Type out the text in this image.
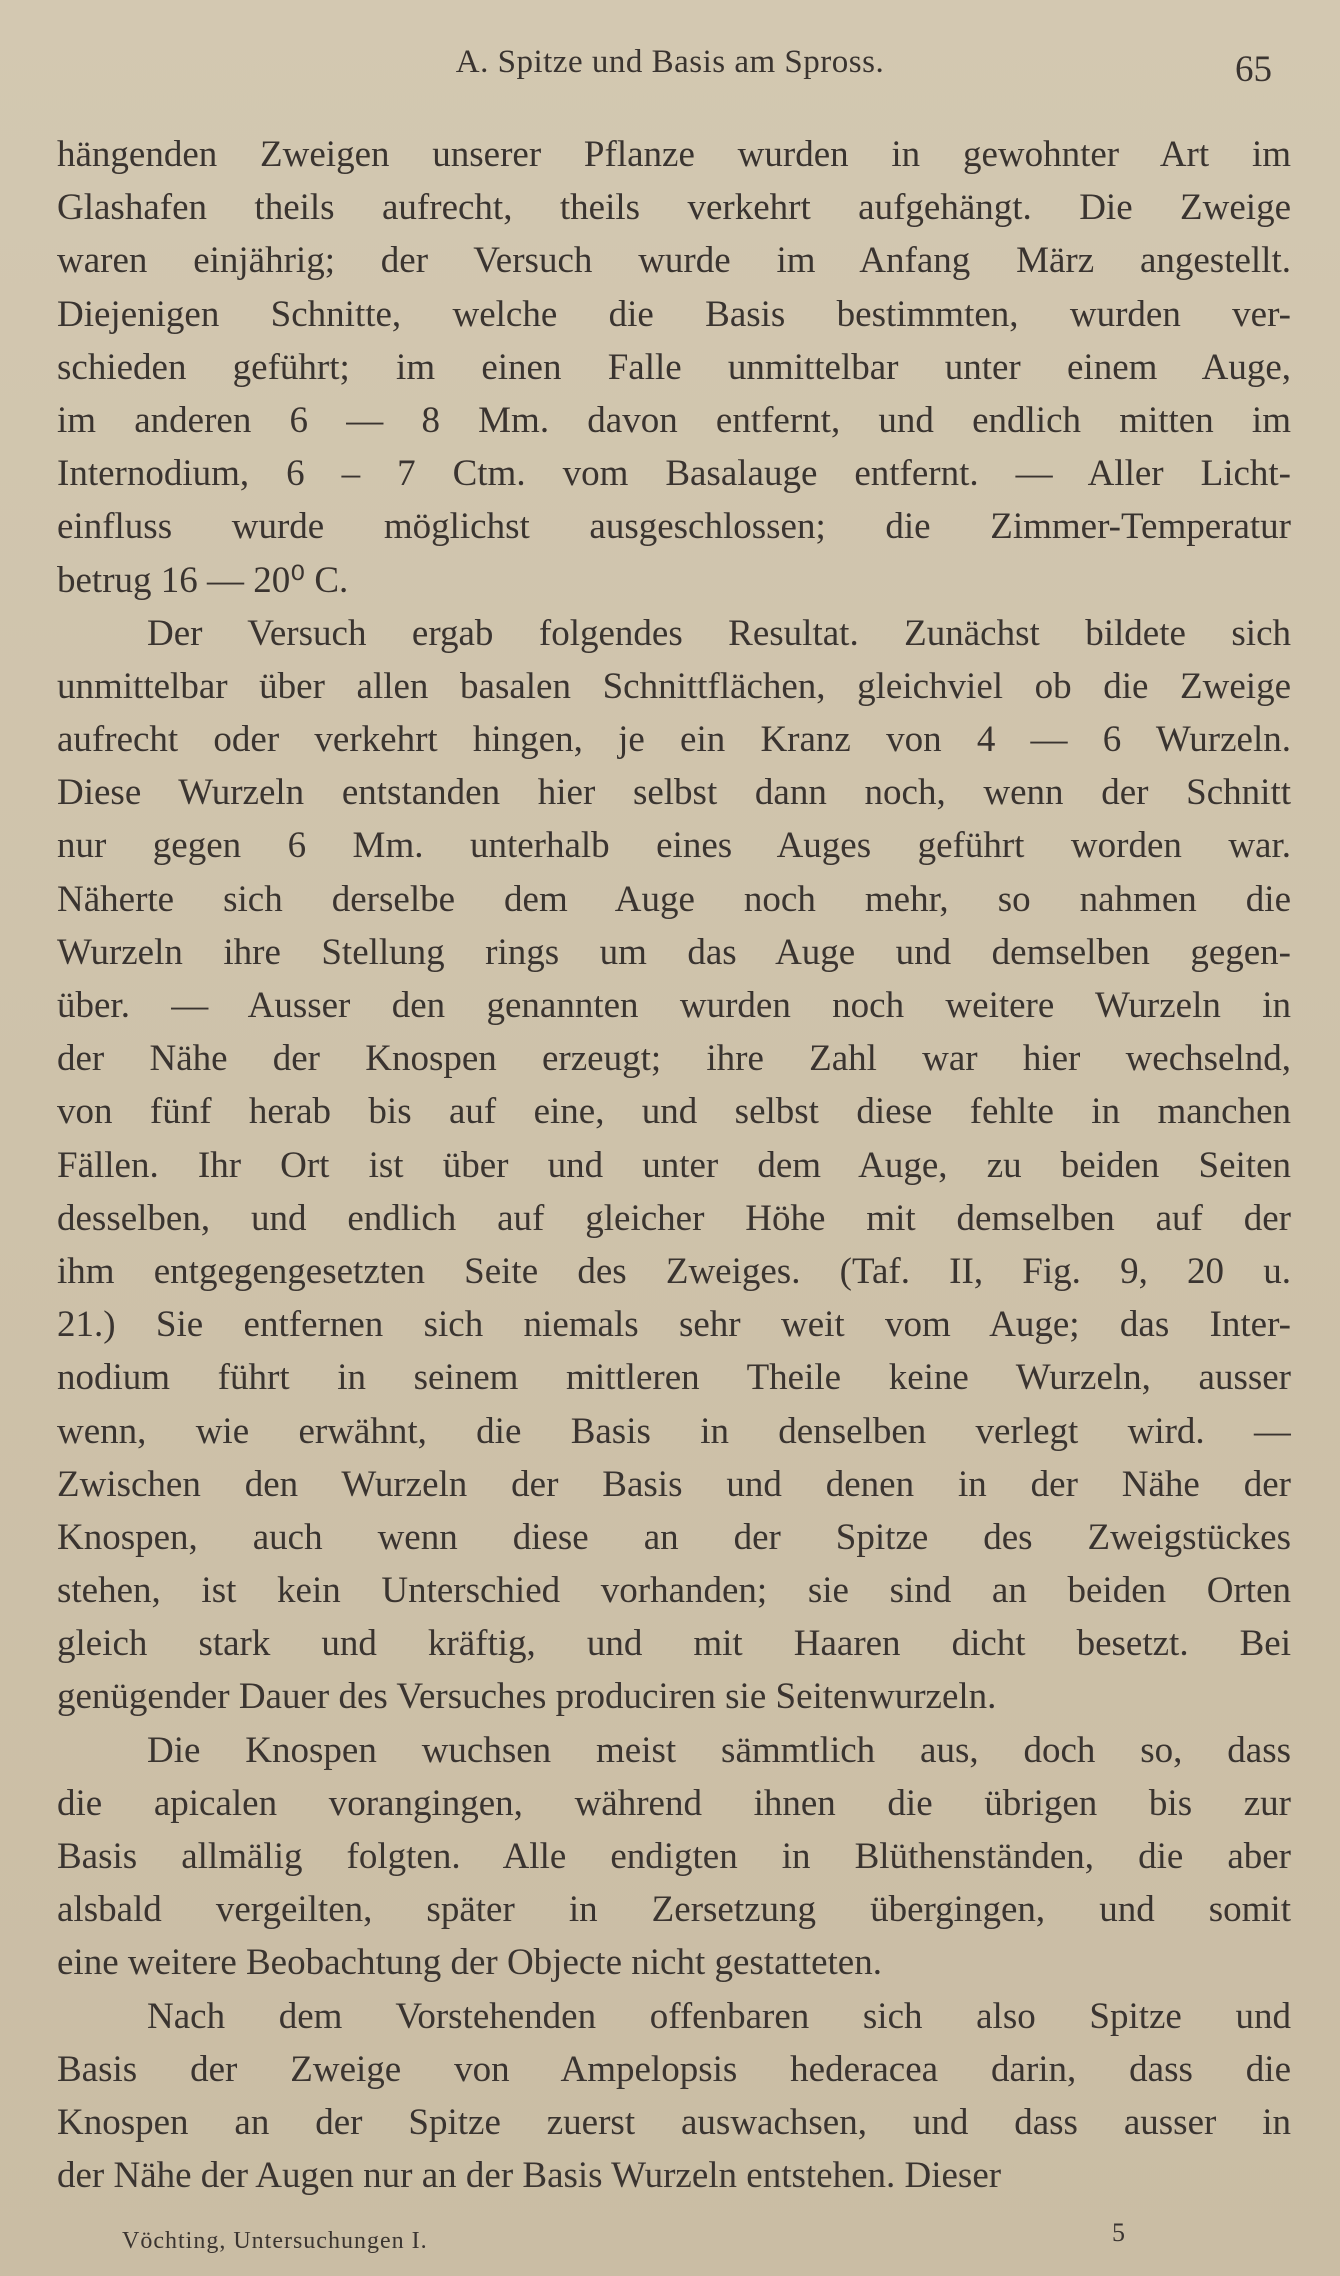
A. Spitze und Basis am Spross.	65
hängenden Zweigen unserer Pflanze wurden in gewohnter Art im
Glashafen theils aufrecht, theils verkehrt aufgehängt. Die Zweige
waren einjährig; der Versuch wurde im Anfang März angestellt.
Diejenigen Schnitte, welche die Basis bestimmten, wurden ver-
schieden geführt; im einen Falle unmittelbar unter einem Auge,
im anderen 6 — 8 Mm. davon entfernt, und endlich mitten im
Internodium, 6 – 7 Ctm. vom Basalauge entfernt. — Aller Licht-
einfluss wurde möglichst ausgeschlossen; die Zimmer-Temperatur
betrug 16 — 20⁰ C.
Der Versuch ergab folgendes Resultat. Zunächst bildete sich
unmittelbar über allen basalen Schnittflächen, gleichviel ob die Zweige
aufrecht oder verkehrt hingen, je ein Kranz von 4 — 6 Wurzeln.
Diese Wurzeln entstanden hier selbst dann noch, wenn der Schnitt
nur gegen 6 Mm. unterhalb eines Auges geführt worden war.
Näherte sich derselbe dem Auge noch mehr, so nahmen die
Wurzeln ihre Stellung rings um das Auge und demselben gegen-
über. — Ausser den genannten wurden noch weitere Wurzeln in
der Nähe der Knospen erzeugt; ihre Zahl war hier wechselnd,
von fünf herab bis auf eine, und selbst diese fehlte in manchen
Fällen. Ihr Ort ist über und unter dem Auge, zu beiden Seiten
desselben, und endlich auf gleicher Höhe mit demselben auf der
ihm entgegengesetzten Seite des Zweiges. (Taf. II, Fig. 9, 20 u.
21.) Sie entfernen sich niemals sehr weit vom Auge; das Inter-
nodium führt in seinem mittleren Theile keine Wurzeln, ausser
wenn, wie erwähnt, die Basis in denselben verlegt wird. —
Zwischen den Wurzeln der Basis und denen in der Nähe der
Knospen, auch wenn diese an der Spitze des Zweigstückes
stehen, ist kein Unterschied vorhanden; sie sind an beiden Orten
gleich stark und kräftig, und mit Haaren dicht besetzt. Bei
genügender Dauer des Versuches produciren sie Seitenwurzeln.
Die Knospen wuchsen meist sämmtlich aus, doch so, dass
die apicalen vorangingen, während ihnen die übrigen bis zur
Basis allmälig folgten. Alle endigten in Blüthenständen, die aber
alsbald vergeilten, später in Zersetzung übergingen, und somit
eine weitere Beobachtung der Objecte nicht gestatteten.
Nach dem Vorstehenden offenbaren sich also Spitze und
Basis der Zweige von Ampelopsis hederacea darin, dass die
Knospen an der Spitze zuerst auswachsen, und dass ausser in
der Nähe der Augen nur an der Basis Wurzeln entstehen. Dieser
Vöchting, Untersuchungen I.	5
